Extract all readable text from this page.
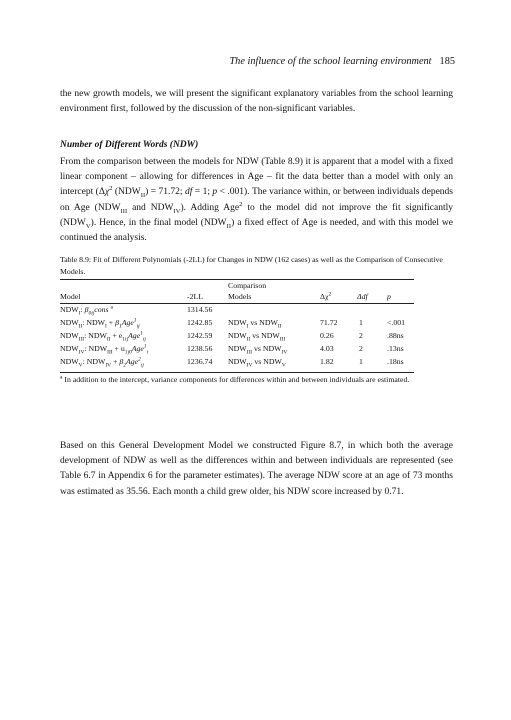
The influence of the school learning environment 185

the new growth models, we will present the significant explanatory variables from the school learning environment first, followed by the discussion of the non-significant variables.

Number of Different Words (NDW)

From the comparison between the models for NDW (Table 8.9) it is apparent that a model with a fixed linear component – allowing for differences in Age – fit the data better than a model with only an intercept ($\Delta\chi^2$ $(NDW_{II}) = 71.72$; df = 1; p < .001). The variance within, or between individuals depends on Age ($NDW_{III}$ and $NDW_{IV}$). Adding Age$^2$ to the model did not improve the fit significantly $(NDW_V)$. Hence, in the final model $(NDW_{II})$ a fixed effect of Age is needed, and with this model we continued the analysis.

Table 8.9: Fit of Different Polynomials (-2LL) for Changes in NDW (162 cases) as well as the Comparison of Consecutive Models.

Comparison
Model	-2LL	Models	$\Delta\chi^2$	Δdf p
$NDW_I$: $\beta_{0ij}cons$ $^a$	1314.56
$NDW_{II}$: $NDW_I + \beta_1Age^1_{ij}$	1242.85 $NDW_I$ vs $NDW_{II}$	71.72	1	<.001
$NDW_{III}$: $NDW_{II} + e_{1ij}Age^1_{ij}$	1242.59 $NDW_{II}$ vs $NDW_{III}$	0.26	2	.88ns
$NDW_{IV}$: $NDW_{III} + u_{1j0}Age^1_i$	1238.56 $NDW_{III}$ vs $NDW_{IV}$	4.03	2	.13ns
$NDW_V$: $NDW_{IV} + \beta_2Age^2_{ij}$	1236.74 $NDW_{IV}$ vs $NDW_V$	1.82	1	.18ns

$^a$ In addition to the intercept, variance components for differences within and between individuals are estimated.

Based on this General Development Model we constructed Figure 8.7, in which both the average development of NDW as well as the differences within and between individuals are represented (see Table 6.7 in Appendix 6 for the parameter estimates). The average NDW score at an age of 73 months was estimated as 35.56. Each month a child grew older, his NDW score increased by 0.71.
